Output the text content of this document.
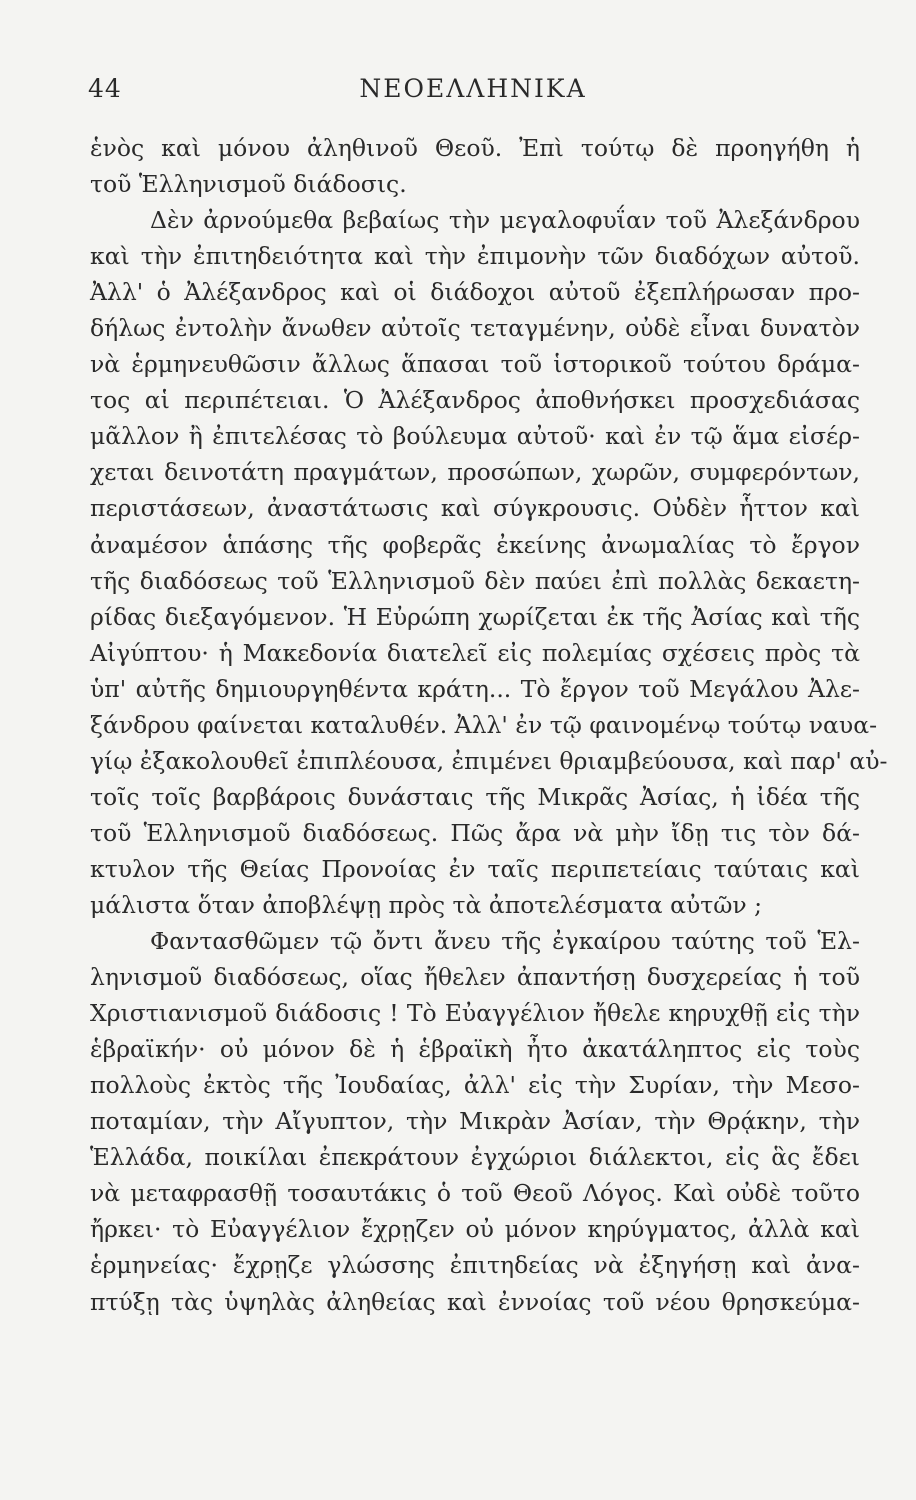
44	ΝΕΟΕΛΛΗΝΙΚΑ
ἑνὸς καὶ μόνου ἀληθινοῦ Θεοῦ. Ἐπὶ τούτῳ δὲ προηγήθη ἡ
τοῦ Ἑλληνισμοῦ διάδοσις.
Δὲν ἀρνούμεθα βεβαίως τὴν μεγαλοφυΐαν τοῦ Ἀλεξάνδρου
καὶ τὴν ἐπιτηδειότητα καὶ τὴν ἐπιμονὴν τῶν διαδόχων αὐτοῦ.
Ἀλλ' ὁ Ἀλέξανδρος καὶ οἱ διάδοχοι αὐτοῦ ἐξεπλήρωσαν προ-
δήλως ἐντολὴν ἄνωθεν αὐτοῖς τεταγμένην, οὐδὲ εἶναι δυνατὸν
νὰ ἑρμηνευθῶσιν ἄλλως ἅπασαι τοῦ ἱστορικοῦ τούτου δράμα-
τος αἱ περιπέτειαι. Ὁ Ἀλέξανδρος ἀποθνήσκει προσχεδιάσας
μᾶλλον ἢ ἐπιτελέσας τὸ βούλευμα αὐτοῦ· καὶ ἐν τῷ ἅμα εἰσέρ-
χεται δεινοτάτη πραγμάτων, προσώπων, χωρῶν, συμφερόντων,
περιστάσεων, ἀναστάτωσις καὶ σύγκρουσις. Οὐδὲν ἧττον καὶ
ἀναμέσον ἁπάσης τῆς φοβερᾶς ἐκείνης ἀνωμαλίας τὸ ἔργον
τῆς διαδόσεως τοῦ Ἑλληνισμοῦ δὲν παύει ἐπὶ πολλὰς δεκαετη-
ρίδας διεξαγόμενον. Ἡ Εὐρώπη χωρίζεται ἐκ τῆς Ἀσίας καὶ τῆς
Αἰγύπτου· ἡ Μακεδονία διατελεῖ εἰς πολεμίας σχέσεις πρὸς τὰ
ὑπ' αὐτῆς δημιουργηθέντα κράτη... Τὸ ἔργον τοῦ Μεγάλου Ἀλε-
ξάνδρου φαίνεται καταλυθέν. Ἀλλ' ἐν τῷ φαινομένῳ τούτῳ ναυα-
γίῳ ἐξακολουθεῖ ἐπιπλέουσα, ἐπιμένει θριαμβεύουσα, καὶ παρ' αὐ-
τοῖς τοῖς βαρβάροις δυνάσταις τῆς Μικρᾶς Ἀσίας, ἡ ἰδέα τῆς
τοῦ Ἑλληνισμοῦ διαδόσεως. Πῶς ἄρα νὰ μὴν ἴδῃ τις τὸν δά-
κτυλον τῆς Θείας Προνοίας ἐν ταῖς περιπετείαις ταύταις καὶ
μάλιστα ὅταν ἀποβλέψῃ πρὸς τὰ ἀποτελέσματα αὐτῶν ;
Φαντασθῶμεν τῷ ὄντι ἄνευ τῆς ἐγκαίρου ταύτης τοῦ Ἑλ-
ληνισμοῦ διαδόσεως, οἵας ἤθελεν ἀπαντήσῃ δυσχερείας ἡ τοῦ
Χριστιανισμοῦ διάδοσις ! Τὸ Εὐαγγέλιον ἤθελε κηρυχθῇ εἰς τὴν
ἑβραϊκήν· οὐ μόνον δὲ ἡ ἑβραϊκὴ ἦτο ἀκατάληπτος εἰς τοὺς
πολλοὺς ἐκτὸς τῆς Ἰουδαίας, ἀλλ' εἰς τὴν Συρίαν, τὴν Μεσο-
ποταμίαν, τὴν Αἴγυπτον, τὴν Μικρὰν Ἀσίαν, τὴν Θρᾴκην, τὴν
Ἑλλάδα, ποικίλαι ἐπεκράτουν ἐγχώριοι διάλεκτοι, εἰς ἃς ἔδει
νὰ μεταφρασθῇ τοσαυτάκις ὁ τοῦ Θεοῦ Λόγος. Καὶ οὐδὲ τοῦτο
ἤρκει· τὸ Εὐαγγέλιον ἔχρῃζεν οὐ μόνον κηρύγματος, ἀλλὰ καὶ
ἑρμηνείας· ἔχρῃζε γλώσσης ἐπιτηδείας νὰ ἐξηγήσῃ καὶ ἀνα-
πτύξῃ τὰς ὑψηλὰς ἀληθείας καὶ ἐννοίας τοῦ νέου θρησκεύμα-
